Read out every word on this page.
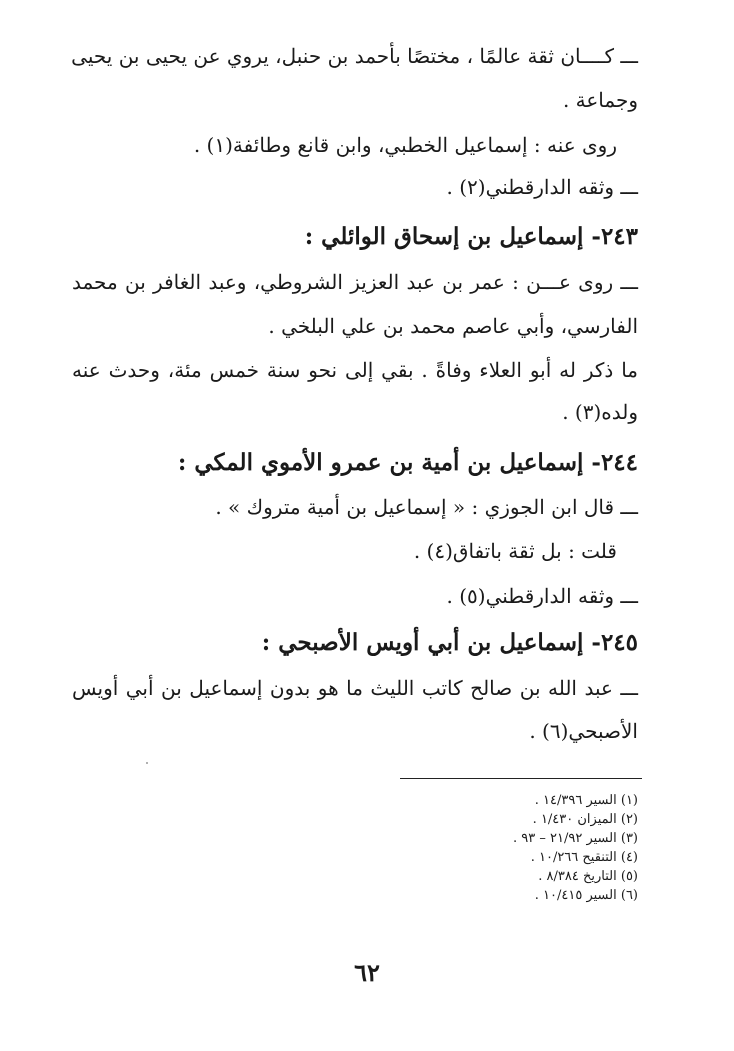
ـــ كــــان ثقة عالمًا ، مختصًا بأحمد بن حنبل، يروي عن يحيى بن يحيى
وجماعة .
روى عنه : إسماعيل الخطبي، وابن قانع وطائفة(١) .
ـــ وثقه الدارقطني(٢) .
٢٤٣- إسماعيل بن إسحاق الوائلي :
ـــ روى عـــن : عمر بن عبد العزيز الشروطي، وعبد الغافر بن محمد
الفارسي، وأبي عاصم محمد بن علي البلخي .
ما ذكر له أبو العلاء وفاةً . بقي إلى نحو سنة خمس مئة، وحدث عنه
ولده(٣) .
٢٤٤- إسماعيل بن أمية بن عمرو الأموي المكي :
ـــ قال ابن الجوزي : « إسماعيل بن أمية متروك » .
قلت : بل ثقة باتفاق(٤) .
ـــ وثقه الدارقطني(٥) .
٢٤٥- إسماعيل بن أبي أويس الأصبحي :
ـــ عبد الله بن صالح كاتب الليث ما هو بدون إسماعيل بن أبي أويس
الأصبحي(٦) .
(١) السير ١٤/٣٩٦ .
(٢) الميزان ١/٤٣٠ .
(٣) السير ٢١/٩٢ – ٩٣ .
(٤) التنقيح ١٠/٢٦٦ .
(٥) التاريخ ٨/٣٨٤ .
(٦) السير ١٠/٤١٥ .
٦٢
